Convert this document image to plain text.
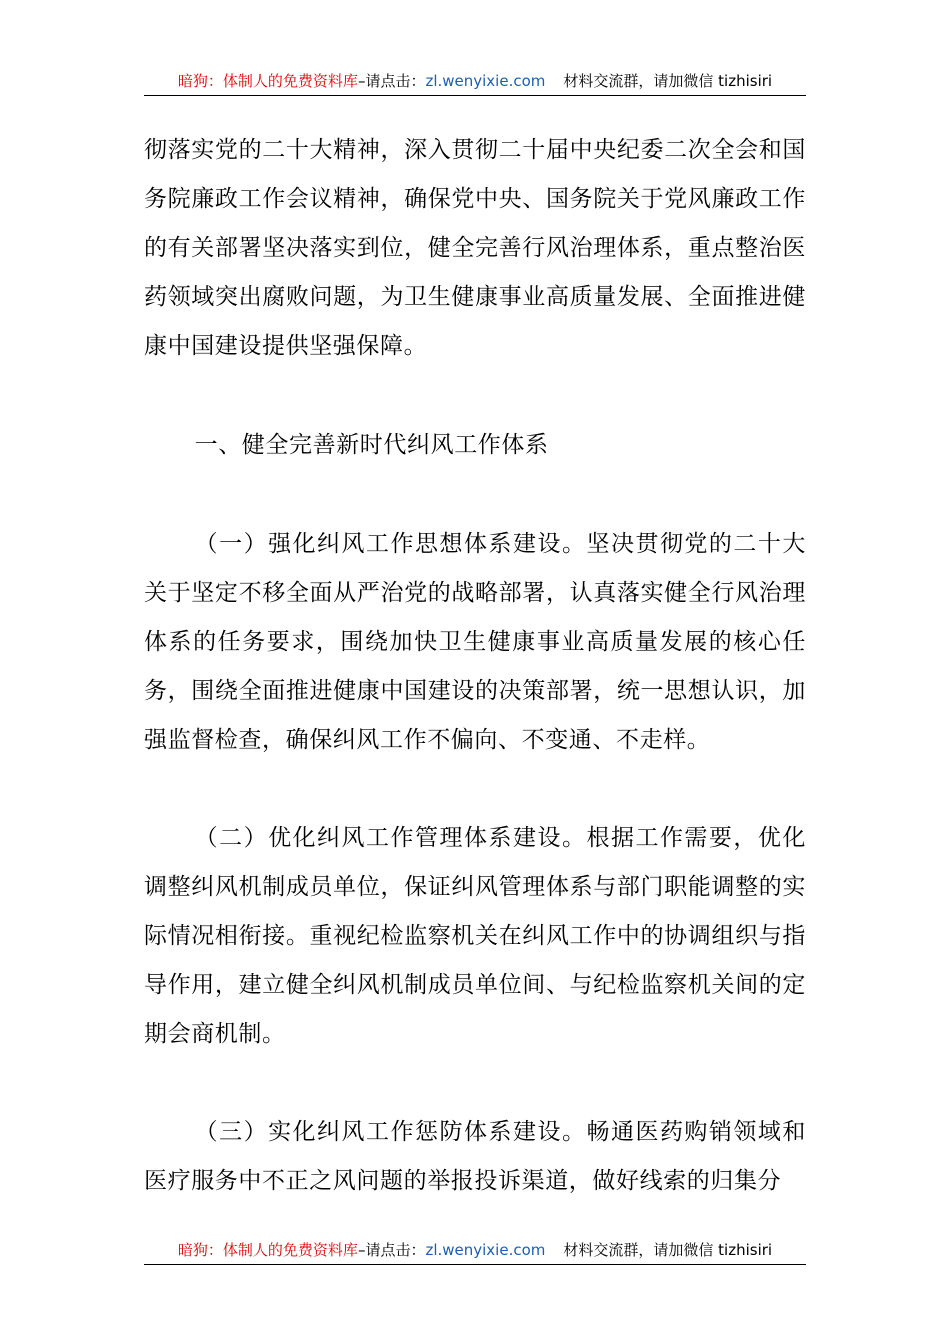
暗狗：体制人的免费资料库 –请点击： zl.wenyixie.com 材料交流群，请加微信 tizhisiri

彻落实党的二十大精神，深入贯彻二十届中央纪委二次全会和国务院廉政工作会议精神，确保党中央、国务院关于党风廉政工作的有关部署坚决落实到位，健全完善行风治理体系，重点整治医药领域突出腐败问题，为卫生健康事业高质量发展、全面推进健康中国建设提供坚强保障。

一、健全完善新时代纠风工作体系

（一）强化纠风工作思想体系建设。坚决贯彻党的二十大关于坚定不移全面从严治党的战略部署，认真落实健全行风治理体系的任务要求，围绕加快卫生健康事业高质量发展的核心任务，围绕全面推进健康中国建设的决策部署，统一思想认识，加强监督检查，确保纠风工作不偏向、不变通、不走样。

（二）优化纠风工作管理体系建设。根据工作需要，优化调整纠风机制成员单位，保证纠风管理体系与部门职能调整的实际情况相衔接。重视纪检监察机关在纠风工作中的协调组织与指导作用，建立健全纠风机制成员单位间、与纪检监察机关间的定期会商机制。

（三）实化纠风工作惩防体系建设。畅通医药购销领域和医疗服务中不正之风问题的举报投诉渠道，做好线索的归集分

暗狗：体制人的免费资料库 –请点击： zl.wenyixie.com 材料交流群，请加微信 tizhisiri
